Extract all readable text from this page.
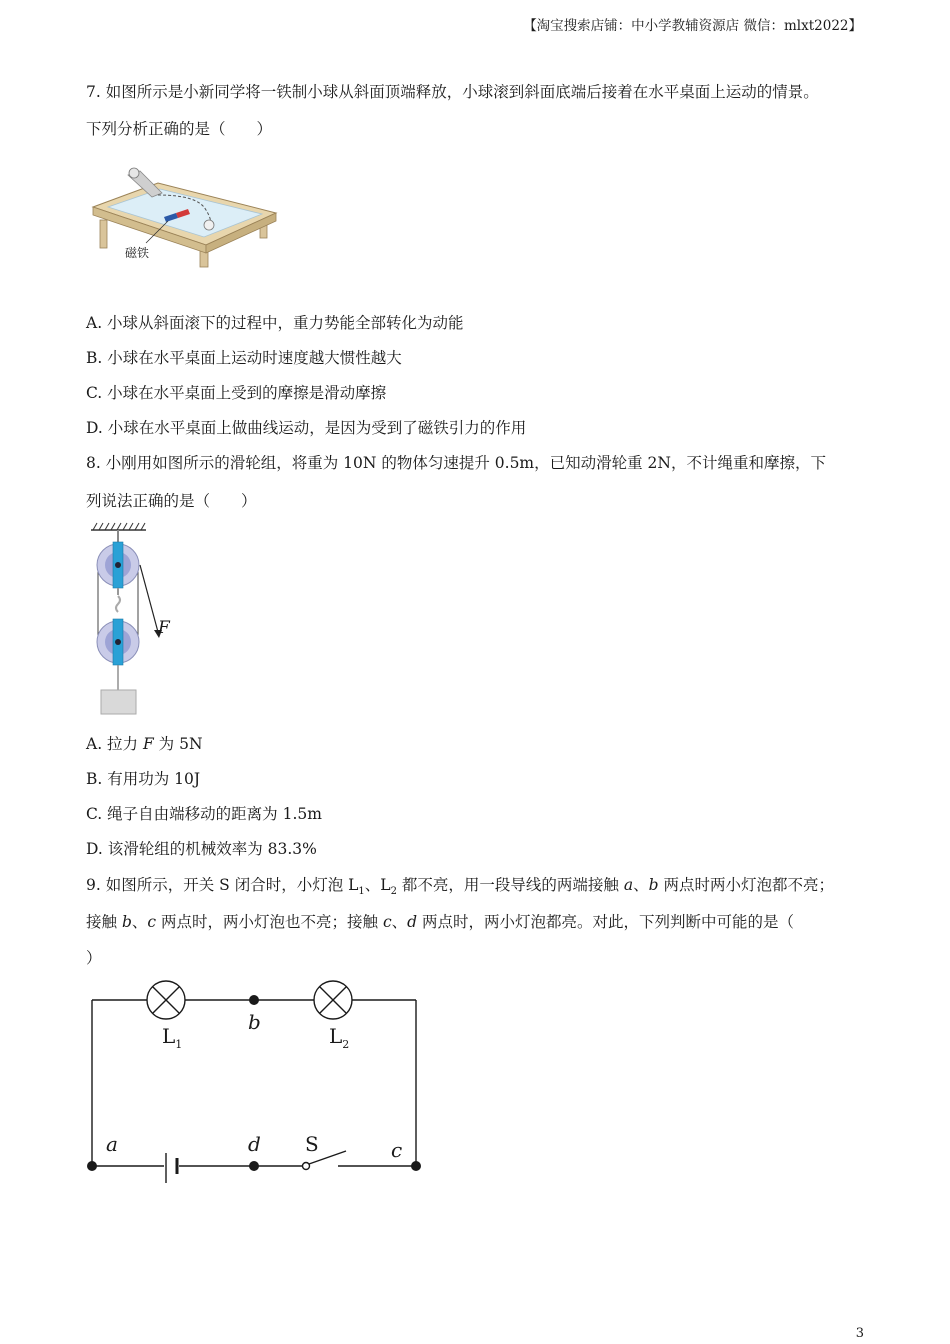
【淘宝搜索店铺：中小学教辅资源店 微信：mlxt2022】
7. 如图所示是小新同学将一铁制小球从斜面顶端释放，小球滚到斜面底端后接着在水平桌面上运动的情景。
下列分析正确的是（　　）
磁铁
A. 小球从斜面滚下的过程中，重力势能全部转化为动能
B. 小球在水平桌面上运动时速度越大惯性越大
C. 小球在水平桌面上受到的摩擦是滑动摩擦
D. 小球在水平桌面上做曲线运动，是因为受到了磁铁引力的作用
8. 小刚用如图所示的滑轮组，将重为 10N 的物体匀速提升 0.5m，已知动滑轮重 2N，不计绳重和摩擦，下
列说法正确的是（　　）
F
A. 拉力 F 为 5N
B. 有用功为 10J
C. 绳子自由端移动的距离为 1.5m
D. 该滑轮组的机械效率为 83.3%
9. 如图所示，开关 S 闭合时，小灯泡 $L_1$、$L_2$ 都不亮，用一段导线的两端接触 a、b 两点时两小灯泡都不亮；
接触 b、c 两点时，两小灯泡也不亮；接触 c、d 两点时，两小灯泡都亮。对此，下列判断中可能的是（
）
$L_1$	$L_2$
b
a	d S	c
3
